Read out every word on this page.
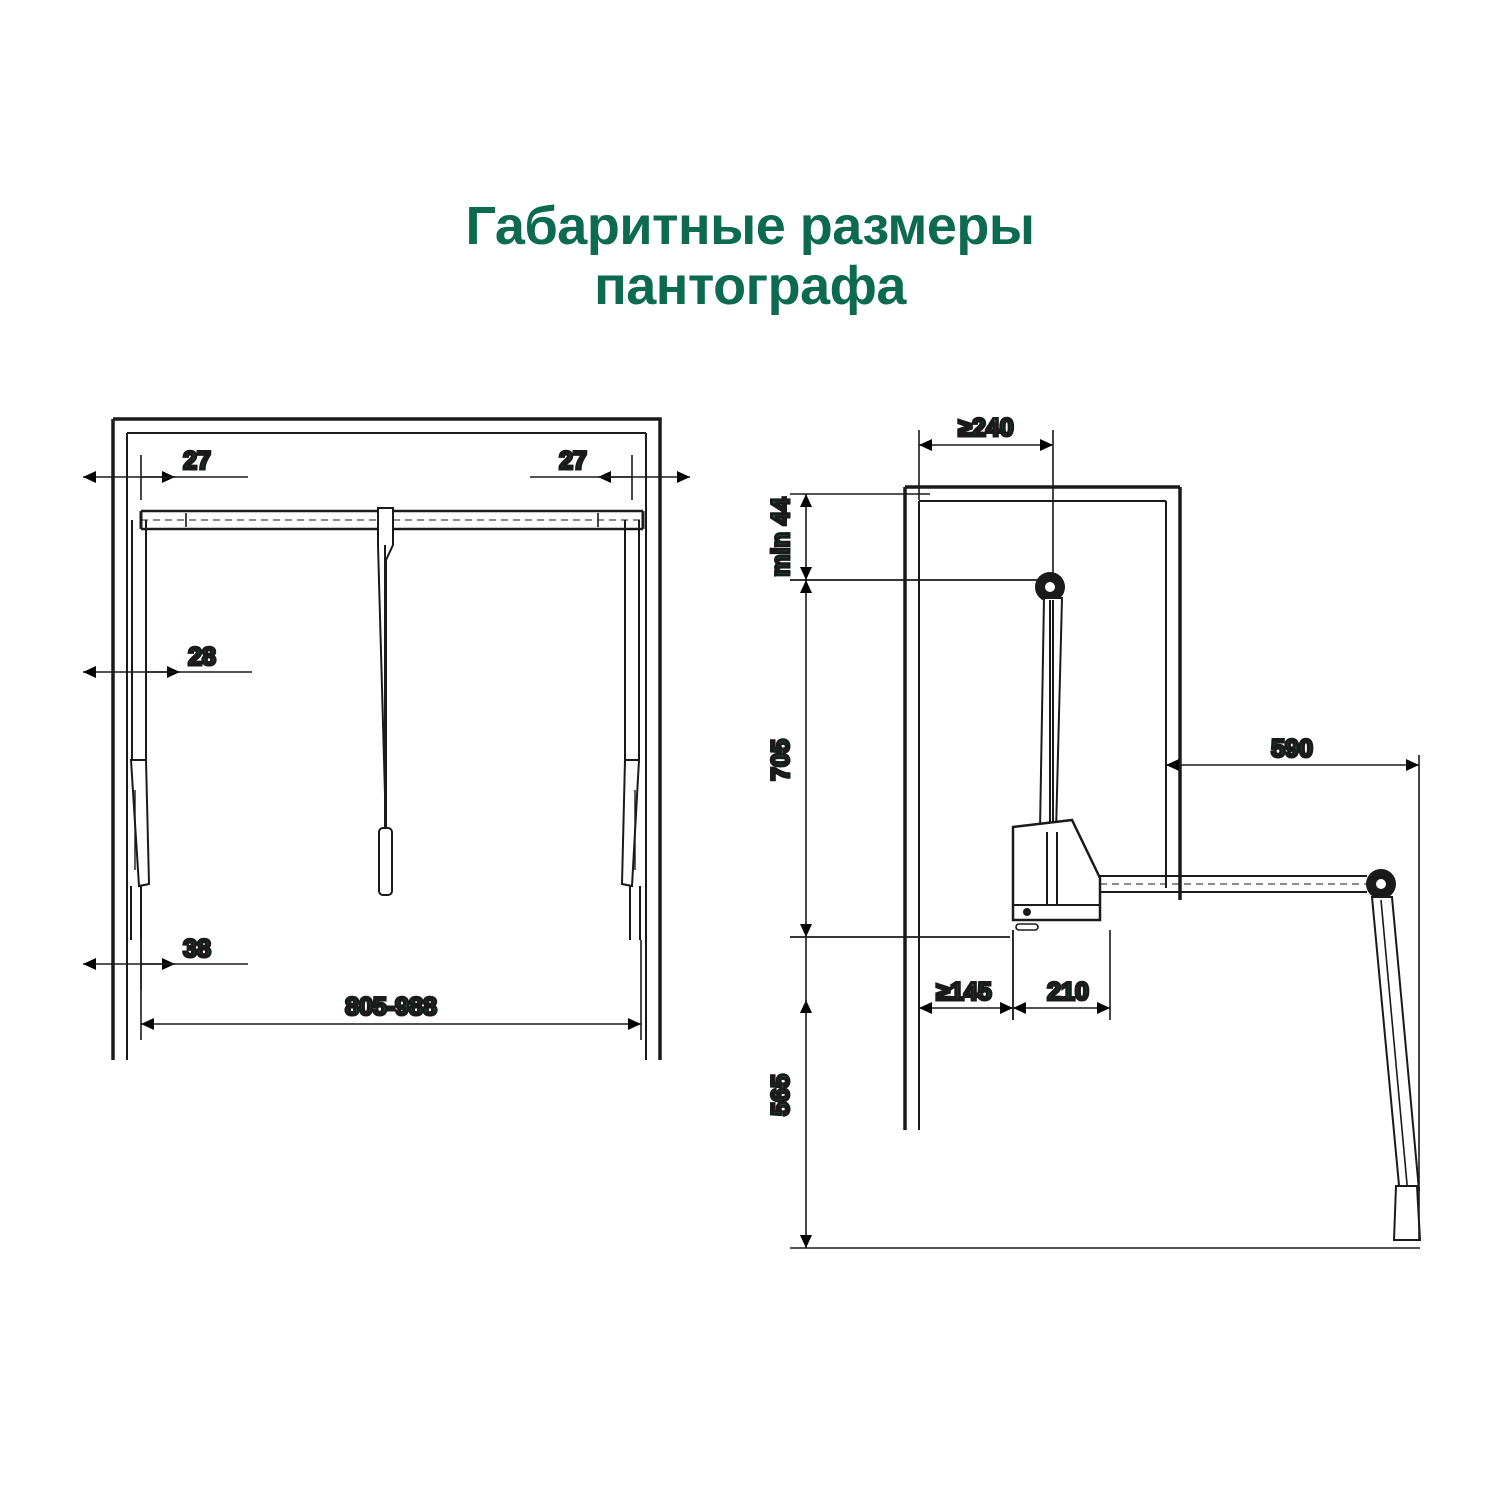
Габаритные размеры
пантографа
27	27
28
38
805-988
≥240
min 44
705
565
590
≥145 210
